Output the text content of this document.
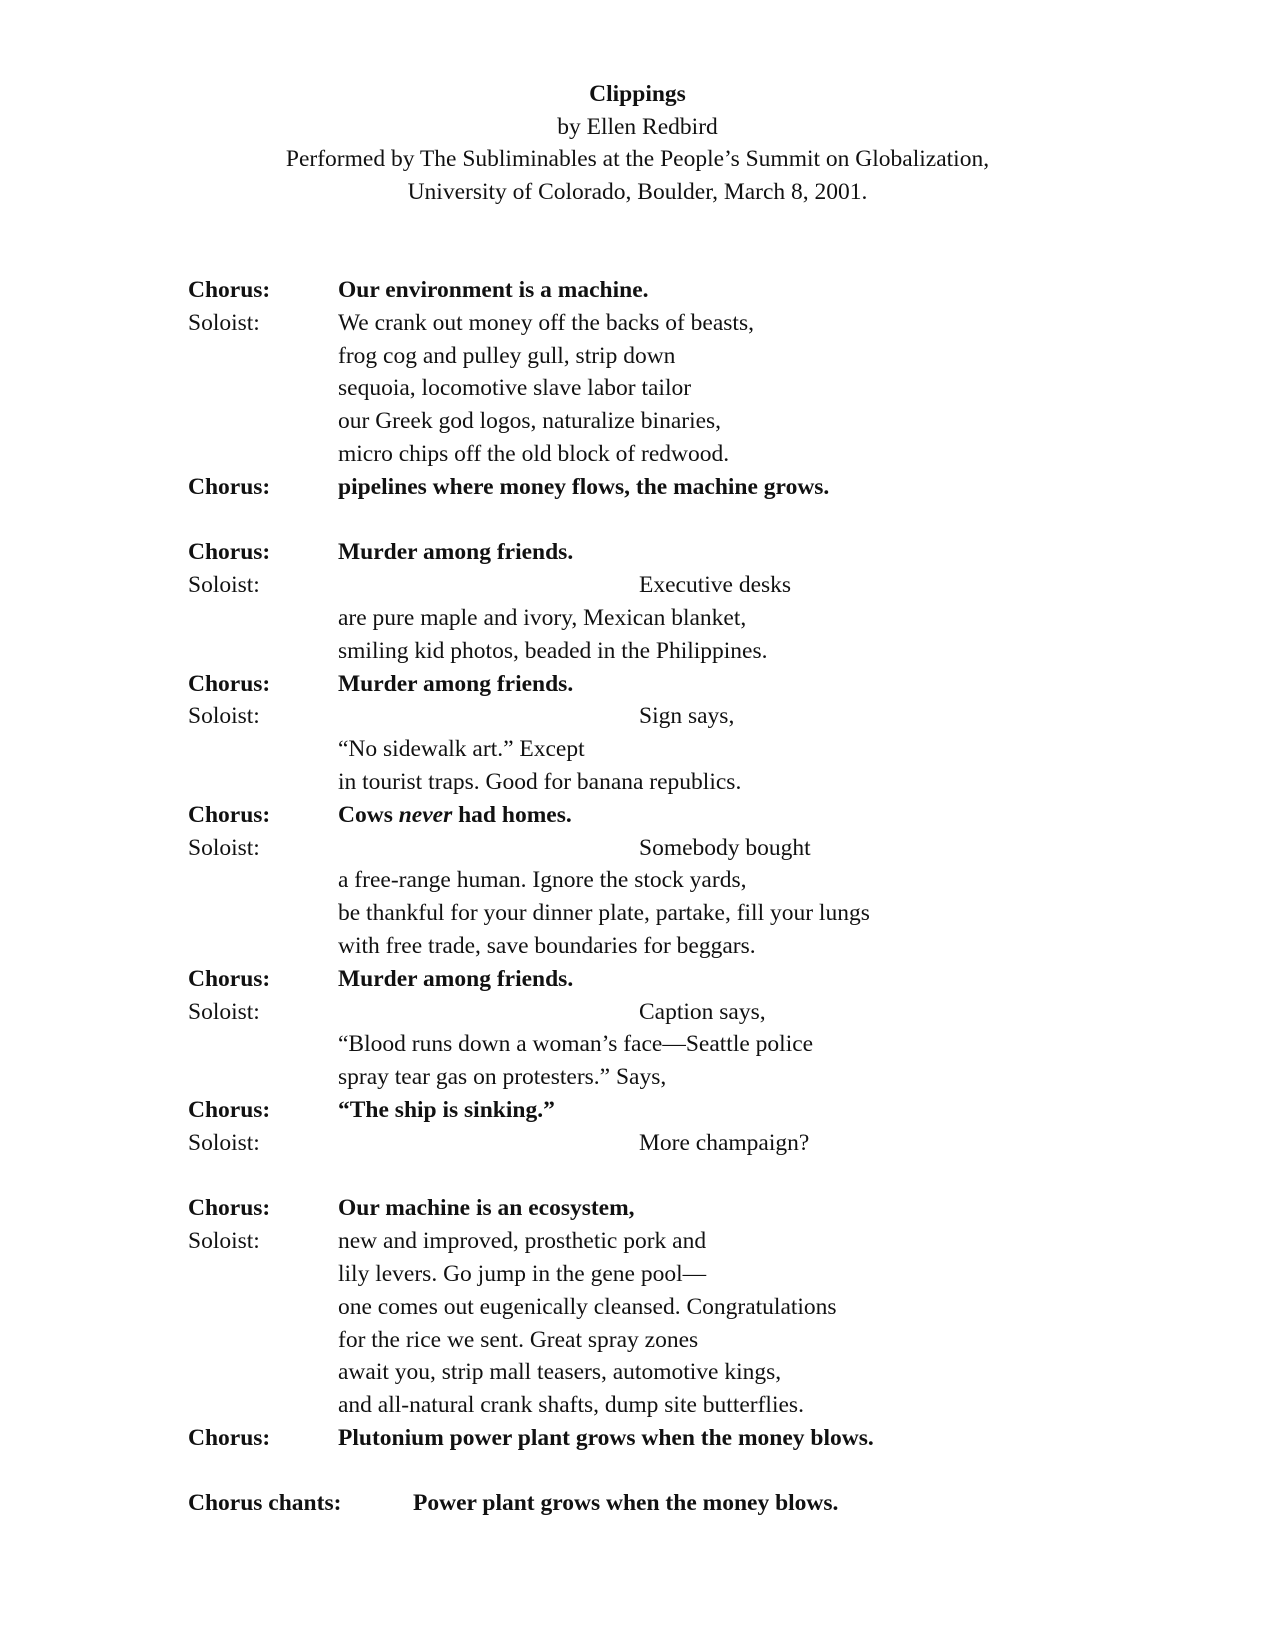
Clippings
by Ellen Redbird
Performed by The Subliminables at the People’s Summit on Globalization,
University of Colorado, Boulder, March 8, 2001.
Chorus:	Our environment is a machine.
Soloist:	We crank out money off the backs of beasts,
frog cog and pulley gull, strip down
sequoia, locomotive slave labor tailor
our Greek god logos, naturalize binaries,
micro chips off the old block of redwood.
Chorus:	pipelines where money flows, the machine grows.
Chorus:	Murder among friends.
Soloist:	Executive desks
are pure maple and ivory, Mexican blanket,
smiling kid photos, beaded in the Philippines.
Chorus:	Murder among friends.
Soloist:	Sign says,
“No sidewalk art.” Except
in tourist traps. Good for banana republics.
Chorus:	Cows never had homes.
Soloist:	Somebody bought
a free-range human. Ignore the stock yards,
be thankful for your dinner plate, partake, fill your lungs
with free trade, save boundaries for beggars.
Chorus:	Murder among friends.
Soloist:	Caption says,
“Blood runs down a woman’s face—Seattle police
spray tear gas on protesters.” Says,
Chorus:	“The ship is sinking.”
Soloist:	More champaign?
Chorus:	Our machine is an ecosystem,
Soloist:	new and improved, prosthetic pork and
lily levers. Go jump in the gene pool—
one comes out eugenically cleansed. Congratulations
for the rice we sent. Great spray zones
await you, strip mall teasers, automotive kings,
and all-natural crank shafts, dump site butterflies.
Chorus:	Plutonium power plant grows when the money blows.
Chorus chants:	Power plant grows when the money blows.
